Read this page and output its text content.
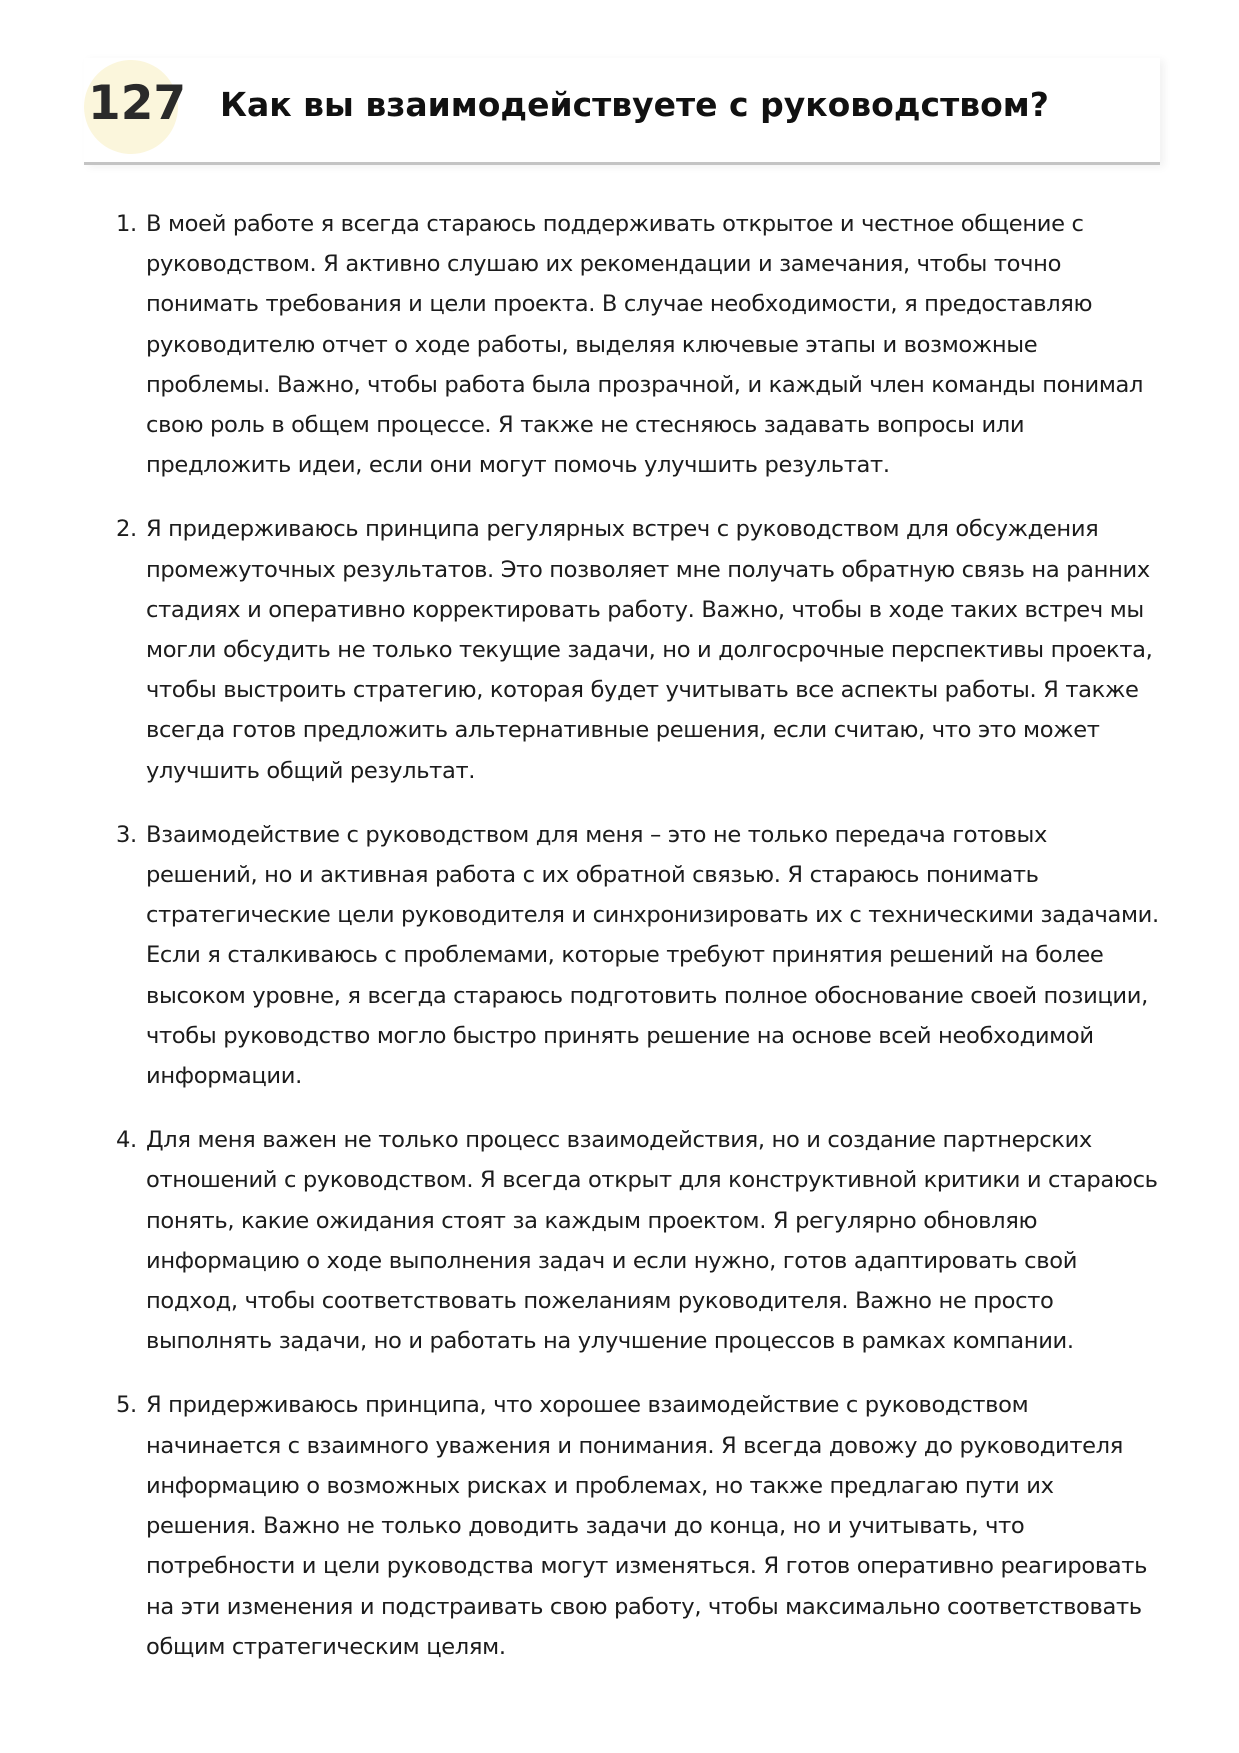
127 Как вы взаимодействуете с руководством?
1. В моей работе я всегда стараюсь поддерживать открытое и честное общение с руководством. Я активно слушаю их рекомендации и замечания, чтобы точно понимать требования и цели проекта. В случае необходимости, я предоставляю руководителю отчет о ходе работы, выделяя ключевые этапы и возможные проблемы. Важно, чтобы работа была прозрачной, и каждый член команды понимал свою роль в общем процессе. Я также не стесняюсь задавать вопросы или предложить идеи, если они могут помочь улучшить результат.
2. Я придерживаюсь принципа регулярных встреч с руководством для обсуждения промежуточных результатов. Это позволяет мне получать обратную связь на ранних стадиях и оперативно корректировать работу. Важно, чтобы в ходе таких встреч мы могли обсудить не только текущие задачи, но и долгосрочные перспективы проекта, чтобы выстроить стратегию, которая будет учитывать все аспекты работы. Я также всегда готов предложить альтернативные решения, если считаю, что это может улучшить общий результат.
3. Взаимодействие с руководством для меня – это не только передача готовых решений, но и активная работа с их обратной связью. Я стараюсь понимать стратегические цели руководителя и синхронизировать их с техническими задачами. Если я сталкиваюсь с проблемами, которые требуют принятия решений на более высоком уровне, я всегда стараюсь подготовить полное обоснование своей позиции, чтобы руководство могло быстро принять решение на основе всей необходимой информации.
4. Для меня важен не только процесс взаимодействия, но и создание партнерских отношений с руководством. Я всегда открыт для конструктивной критики и стараюсь понять, какие ожидания стоят за каждым проектом. Я регулярно обновляю информацию о ходе выполнения задач и если нужно, готов адаптировать свой подход, чтобы соответствовать пожеланиям руководителя. Важно не просто выполнять задачи, но и работать на улучшение процессов в рамках компании.
5. Я придерживаюсь принципа, что хорошее взаимодействие с руководством начинается с взаимного уважения и понимания. Я всегда довожу до руководителя информацию о возможных рисках и проблемах, но также предлагаю пути их решения. Важно не только доводить задачи до конца, но и учитывать, что потребности и цели руководства могут изменяться. Я готов оперативно реагировать на эти изменения и подстраивать свою работу, чтобы максимально соответствовать общим стратегическим целям.
